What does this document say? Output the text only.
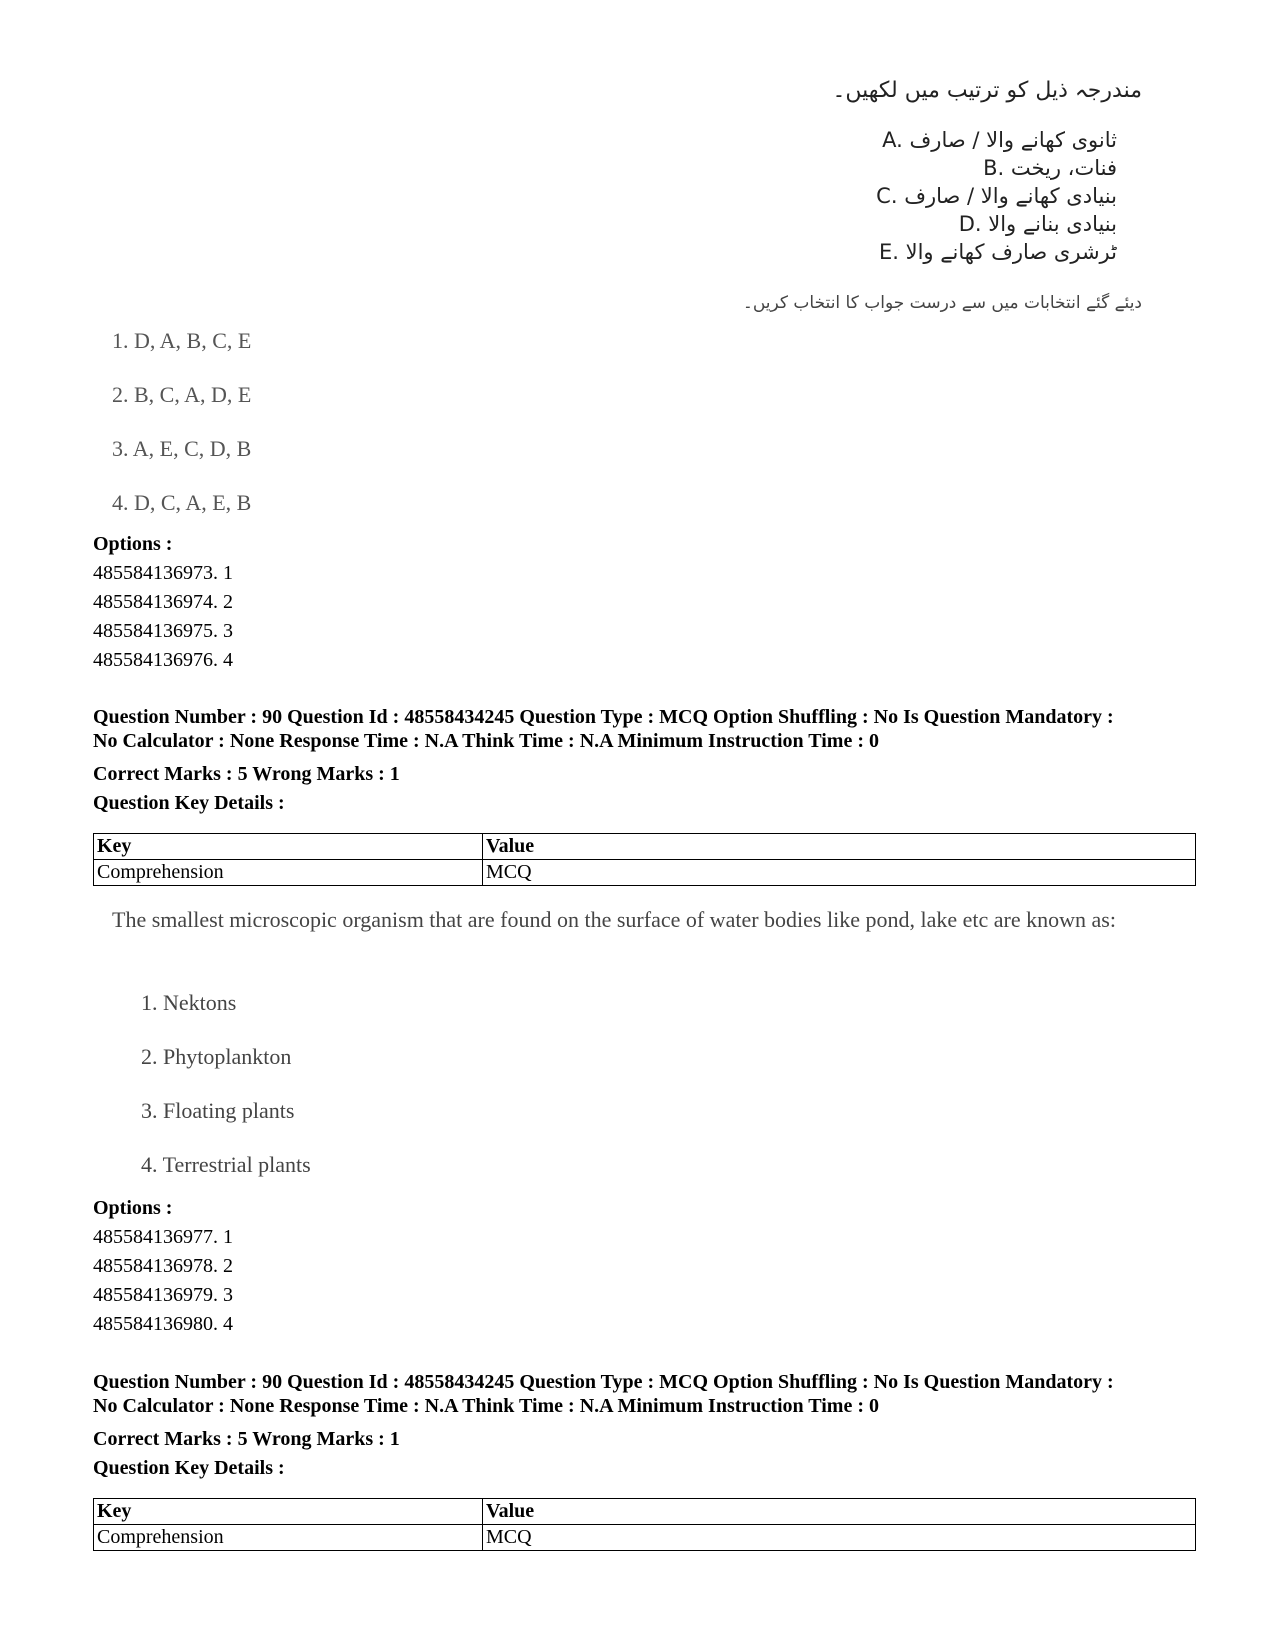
مندرجہ ذیل کو ترتیب میں لکھیں۔
A. ثانوی کھانے والا / صارف
B. فنات، ریخت
C. بنیادی کھانے والا / صارف
D. بنیادی بنانے والا
E. ٹرشری صارف کھانے والا
دیئے گئے انتخابات میں سے درست جواب کا انتخاب کریں۔
1. D, A, B, C, E
2. B, C, A, D, E
3. A, E, C, D, B
4. D, C, A, E, B
Options :
485584136973. 1
485584136974. 2
485584136975. 3
485584136976. 4
Question Number : 90 Question Id : 48558434245 Question Type : MCQ Option Shuffling : No Is Question Mandatory :
No Calculator : None Response Time : N.A Think Time : N.A Minimum Instruction Time : 0
Correct Marks : 5 Wrong Marks : 1
Question Key Details :
Key	Value
Comprehension	MCQ
The smallest microscopic organism that are found on the surface of water bodies like pond, lake etc are known as:
1. Nektons
2. Phytoplankton
3. Floating plants
4. Terrestrial plants
Options :
485584136977. 1
485584136978. 2
485584136979. 3
485584136980. 4
Question Number : 90 Question Id : 48558434245 Question Type : MCQ Option Shuffling : No Is Question Mandatory :
No Calculator : None Response Time : N.A Think Time : N.A Minimum Instruction Time : 0
Correct Marks : 5 Wrong Marks : 1
Question Key Details :
Key	Value
Comprehension	MCQ
